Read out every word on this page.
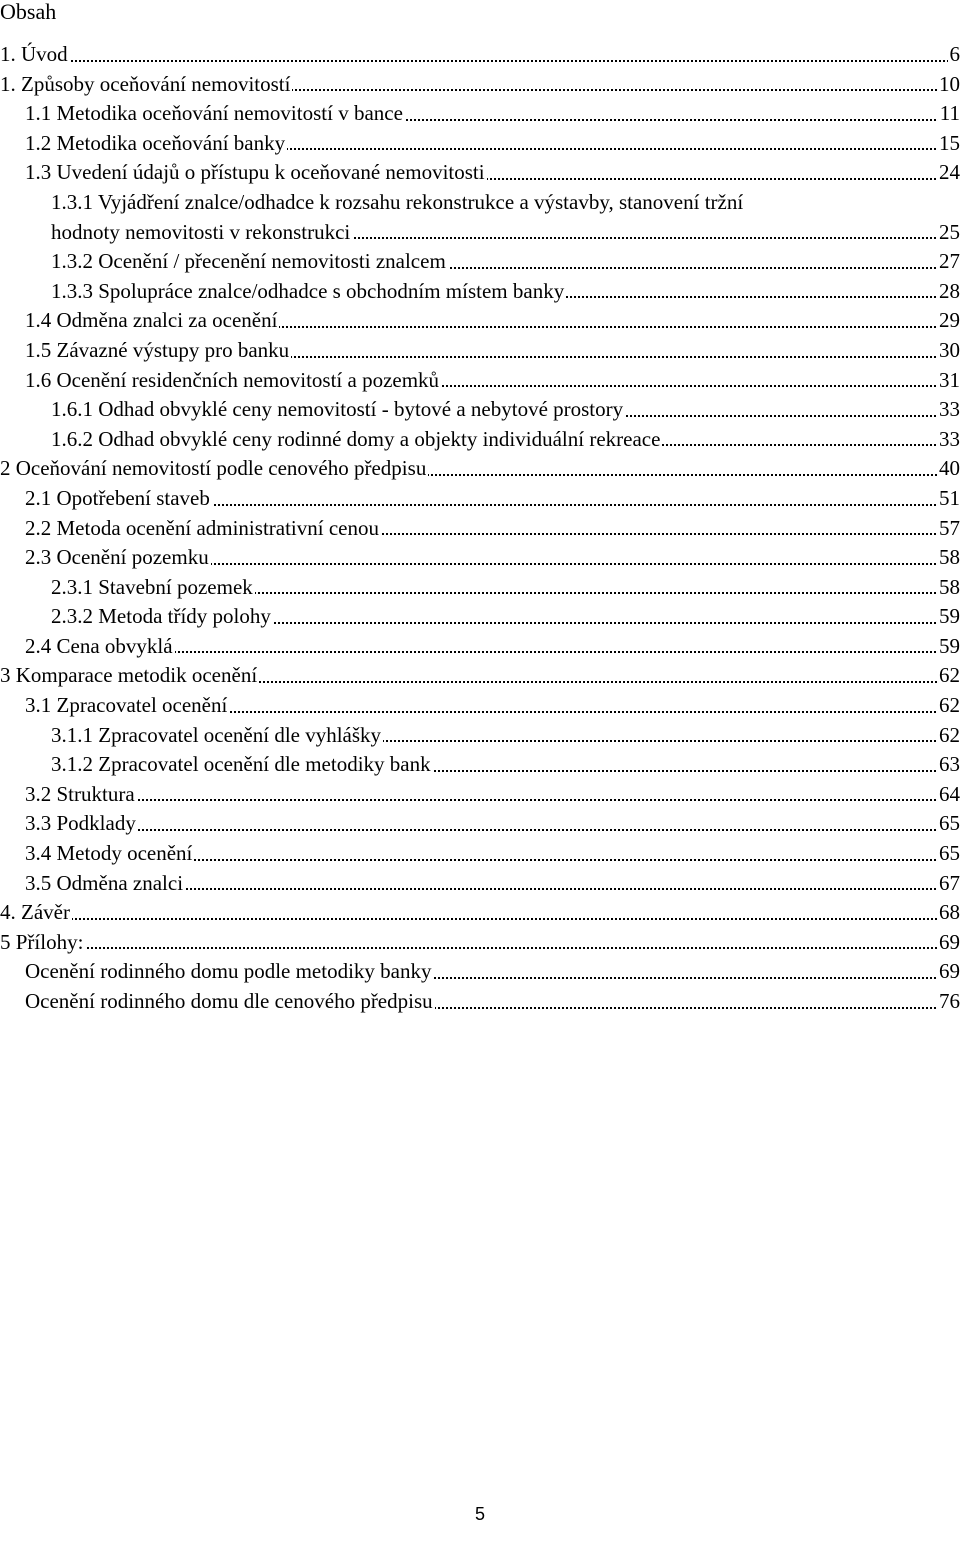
Obsah
1. Úvod	6
1. Způsoby oceňování nemovitostí	10
1.1 Metodika oceňování nemovitostí v bance	11
1.2 Metodika oceňování banky	15
1.3 Uvedení údajů o přístupu k oceňované nemovitosti	24
1.3.1 Vyjádření znalce/odhadce k rozsahu rekonstrukce a výstavby, stanovení tržní
hodnoty nemovitosti v rekonstrukci	25
1.3.2 Ocenění / přecenění nemovitosti znalcem	27
1.3.3 Spolupráce znalce/odhadce s obchodním místem banky	28
1.4 Odměna znalci za ocenění	29
1.5 Závazné výstupy pro banku	30
1.6 Ocenění residenčních nemovitostí a pozemků	31
1.6.1 Odhad obvyklé ceny nemovitostí - bytové a nebytové prostory	33
1.6.2 Odhad obvyklé ceny rodinné domy a objekty individuální rekreace	33
2 Oceňování nemovitostí podle cenového předpisu	40
2.1 Opotřebení staveb	51
2.2 Metoda ocenění administrativní cenou	57
2.3 Ocenění pozemku	58
2.3.1 Stavební pozemek	58
2.3.2 Metoda třídy polohy	59
2.4 Cena obvyklá	59
3 Komparace metodik ocenění	62
3.1 Zpracovatel ocenění	62
3.1.1 Zpracovatel ocenění dle vyhlášky	62
3.1.2 Zpracovatel ocenění dle metodiky bank	63
3.2 Struktura	64
3.3 Podklady	65
3.4 Metody ocenění	65
3.5 Odměna znalci	67
4. Závěr	68
5 Přílohy:	69
Ocenění rodinného domu podle metodiky banky	69
Ocenění rodinného domu dle cenového předpisu	76
5
